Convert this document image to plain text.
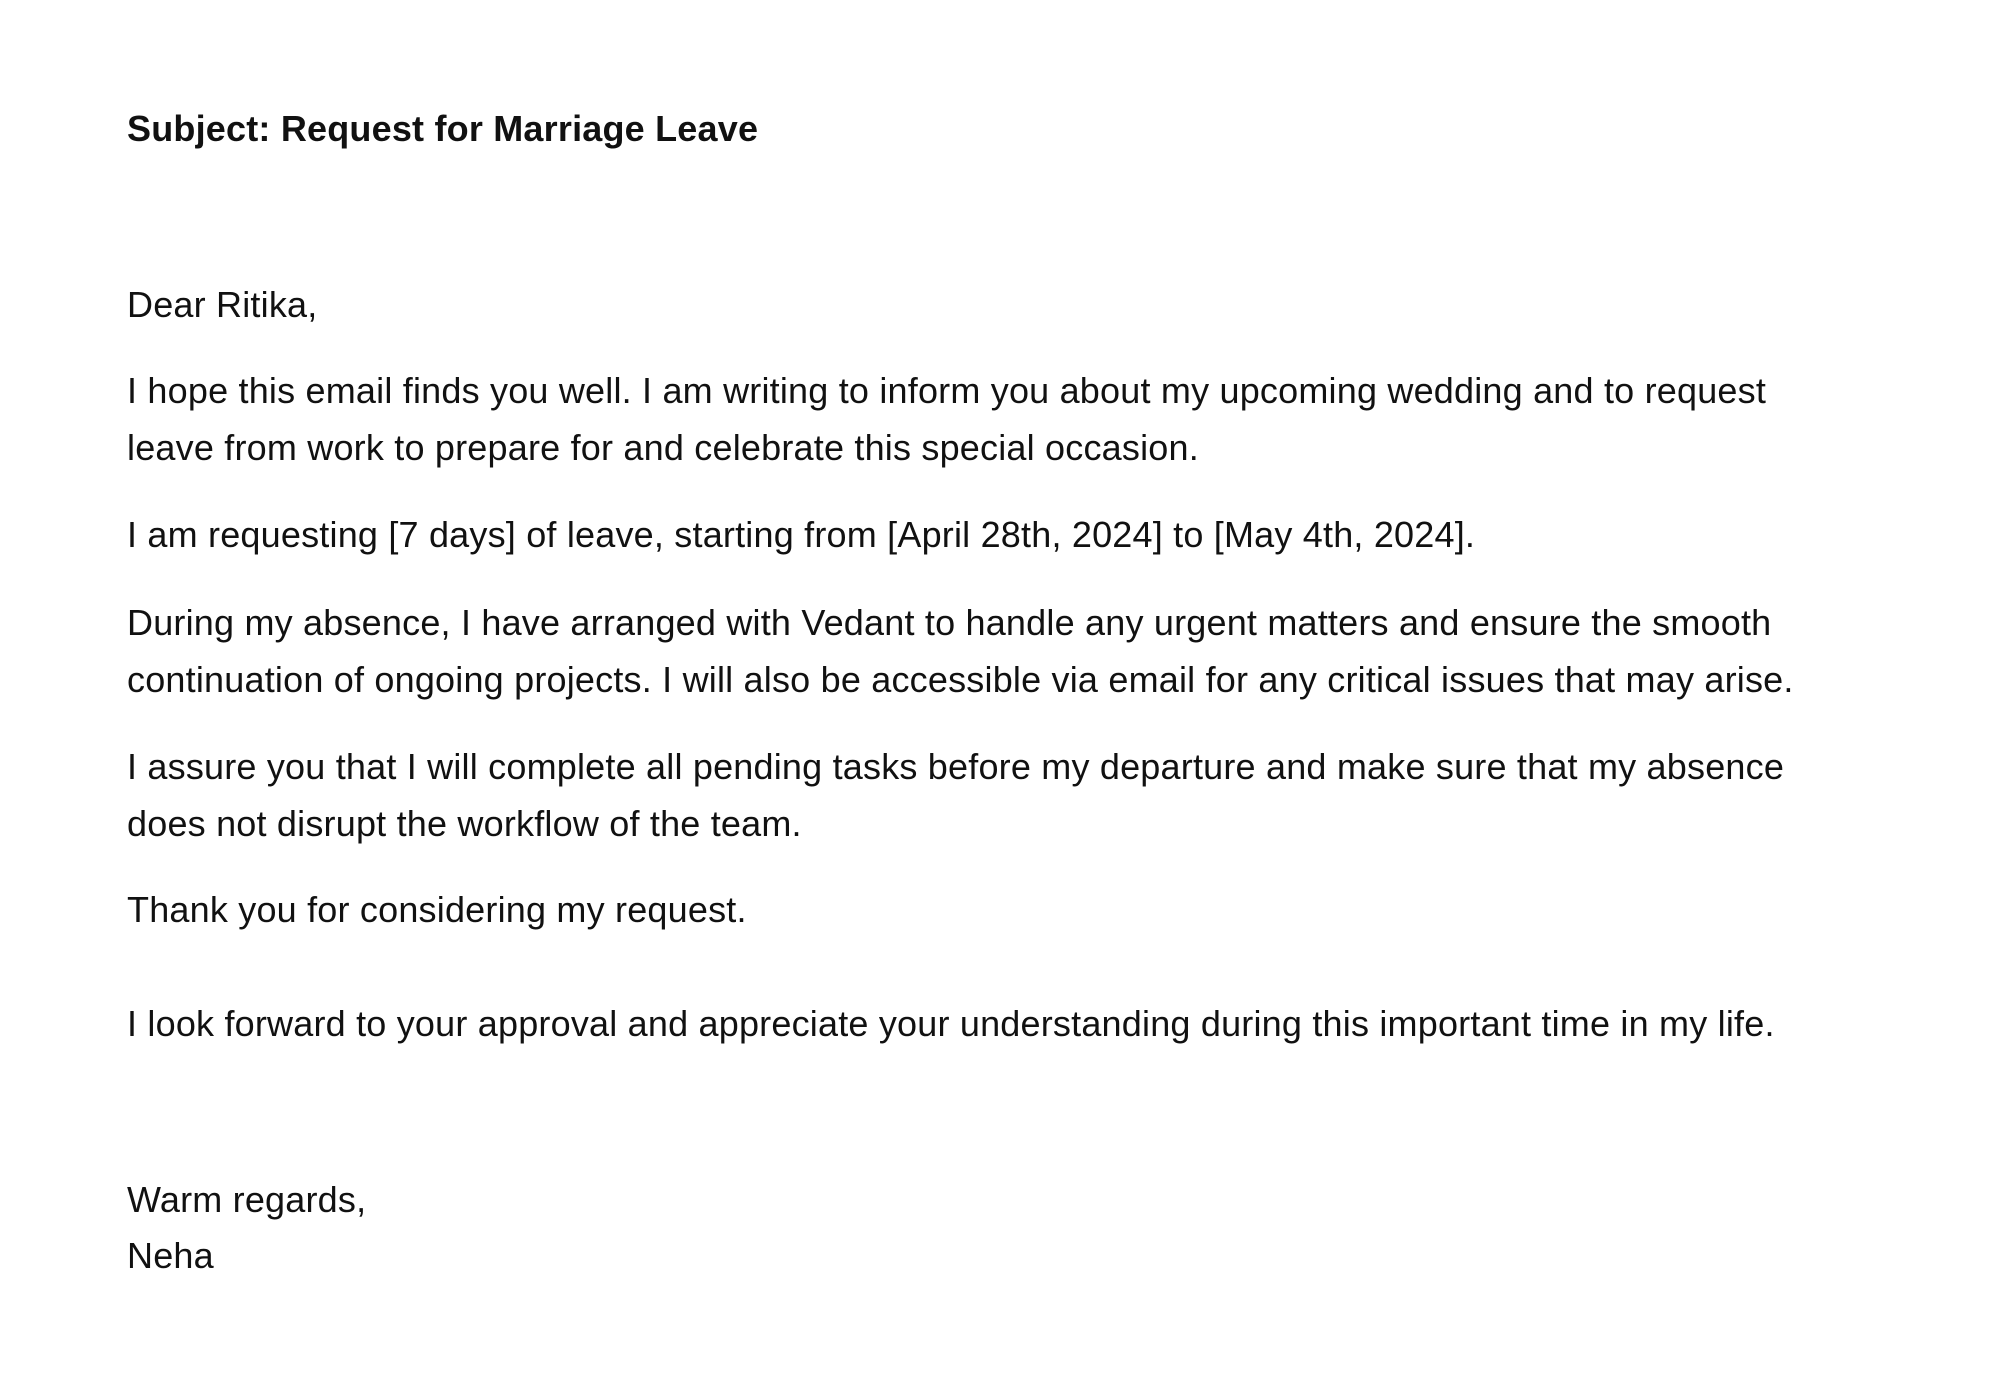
Subject: Request for Marriage Leave

Dear Ritika,

I hope this email finds you well. I am writing to inform you about my upcoming wedding and to request
leave from work to prepare for and celebrate this special occasion.
I am requesting [7 days] of leave, starting from [April 28th, 2024] to [May 4th, 2024].
During my absence, I have arranged with Vedant to handle any urgent matters and ensure the smooth
continuation of ongoing projects. I will also be accessible via email for any critical issues that may arise.
I assure you that I will complete all pending tasks before my departure and make sure that my absence
does not disrupt the workflow of the team.
Thank you for considering my request.
I look forward to your approval and appreciate your understanding during this important time in my life.

Warm regards,

Neha
